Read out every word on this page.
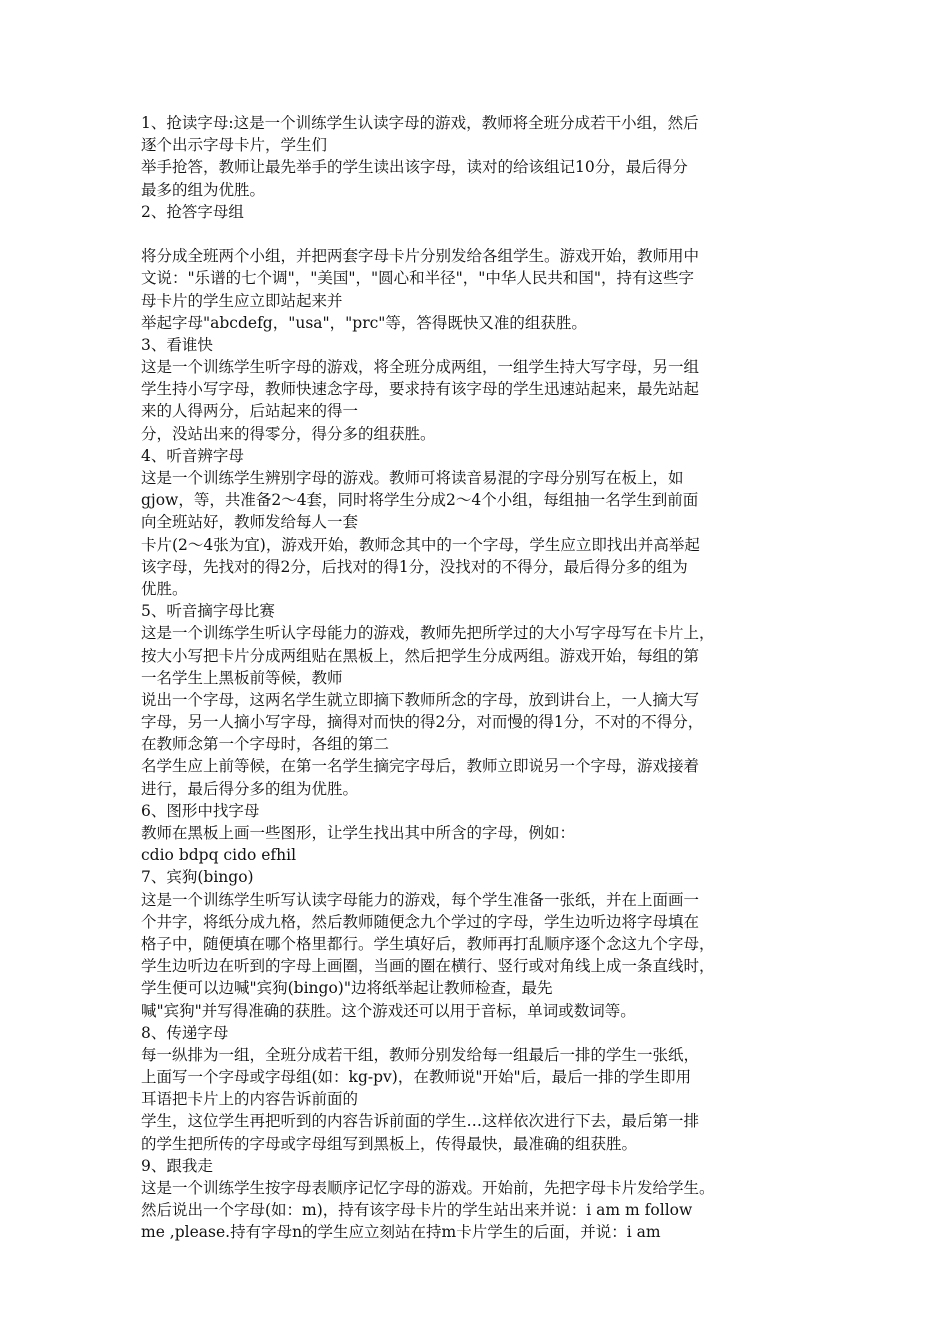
1、抢读字母:这是一个训练学生认读字母的游戏，教师将全班分成若干小组，然后
逐个出示字母卡片，学生们
举手抢答，教师让最先举手的学生读出该字母，读对的给该组记10分，最后得分
最多的组为优胜。
2、抢答字母组
将分成全班两个小组，并把两套字母卡片分别发给各组学生。游戏开始，教师用中
文说："乐谱的七个调"，"美国"，"圆心和半径"，"中华人民共和国"，持有这些字
母卡片的学生应立即站起来并
举起字母"abcdefg，"usa"，"prc"等，答得既快又准的组获胜。
3、看谁快
这是一个训练学生听字母的游戏，将全班分成两组，一组学生持大写字母，另一组
学生持小写字母，教师快速念字母，要求持有该字母的学生迅速站起来，最先站起
来的人得两分，后站起来的得一
分，没站出来的得零分，得分多的组获胜。
4、听音辨字母
这是一个训练学生辨别字母的游戏。教师可将读音易混的字母分别写在板上，如
gjow，等，共准备2～4套，同时将学生分成2～4个小组，每组抽一名学生到前面
向全班站好，教师发给每人一套
卡片(2～4张为宜)，游戏开始，教师念其中的一个字母，学生应立即找出并高举起
该字母，先找对的得2分，后找对的得1分，没找对的不得分，最后得分多的组为
优胜。
5、听音摘字母比赛
这是一个训练学生听认字母能力的游戏，教师先把所学过的大小写字母写在卡片上，
按大小写把卡片分成两组贴在黑板上，然后把学生分成两组。游戏开始，每组的第
一名学生上黑板前等候，教师
说出一个字母，这两名学生就立即摘下教师所念的字母，放到讲台上，一人摘大写
字母，另一人摘小写字母，摘得对而快的得2分，对而慢的得1分，不对的不得分，
在教师念第一个字母时，各组的第二
名学生应上前等候，在第一名学生摘完字母后，教师立即说另一个字母，游戏接着
进行，最后得分多的组为优胜。
6、图形中找字母
教师在黑板上画一些图形，让学生找出其中所含的字母，例如：
cdio bdpq cido efhil
7、宾狗(bingo)
这是一个训练学生听写认读字母能力的游戏，每个学生准备一张纸，并在上面画一
个井字，将纸分成九格，然后教师随便念九个学过的字母，学生边听边将字母填在
格子中，随便填在哪个格里都行。学生填好后，教师再打乱顺序逐个念这九个字母，
学生边听边在听到的字母上画圈，当画的圈在横行、竖行或对角线上成一条直线时，
学生便可以边喊"宾狗(bingo)"边将纸举起让教师检查，最先
喊"宾狗"并写得准确的获胜。这个游戏还可以用于音标，单词或数词等。
8、传递字母
每一纵排为一组，全班分成若干组，教师分别发给每一组最后一排的学生一张纸，
上面写一个字母或字母组(如：kg-pv)，在教师说"开始"后，最后一排的学生即用
耳语把卡片上的内容告诉前面的
学生，这位学生再把听到的内容告诉前面的学生…这样依次进行下去，最后第一排
的学生把所传的字母或字母组写到黑板上，传得最快，最准确的组获胜。
9、跟我走
这是一个训练学生按字母表顺序记忆字母的游戏。开始前，先把字母卡片发给学生。
然后说出一个字母(如：m)，持有该字母卡片的学生站出来并说：i am m follow
me ,please.持有字母n的学生应立刻站在持m卡片学生的后面，并说：i am
